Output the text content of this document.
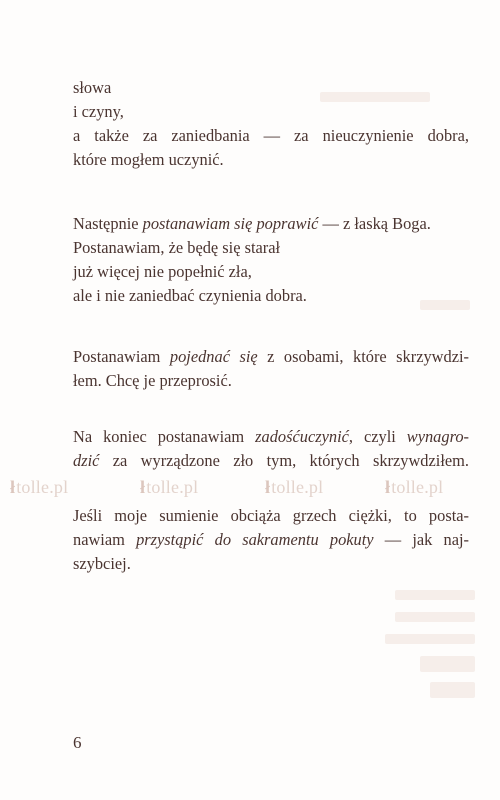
słowa
i czyny,
a także za zaniedbania — za nieuczynienie dobra,
które mogłem uczynić.
Następnie postanawiam się poprawić — z łaską Boga.
Postanawiam, że będę się starał
już więcej nie popełnić zła,
ale i nie zaniedbać czynienia dobra.
Postanawiam pojednać się z osobami, które skrzywdzi-
łem. Chcę je przeprosić.
Na koniec postanawiam zadośćuczynić, czyli wynagro-
dzić za wyrządzone zło tym, których skrzywdziłem.
Jeśli moje sumienie obciąża grzech ciężki, to posta-
nawiam przystąpić do sakramentu pokuty — jak naj-
szybciej.
łtolle.pl	łtolle.pl	łtolle.pl	łtolle.pl
6
